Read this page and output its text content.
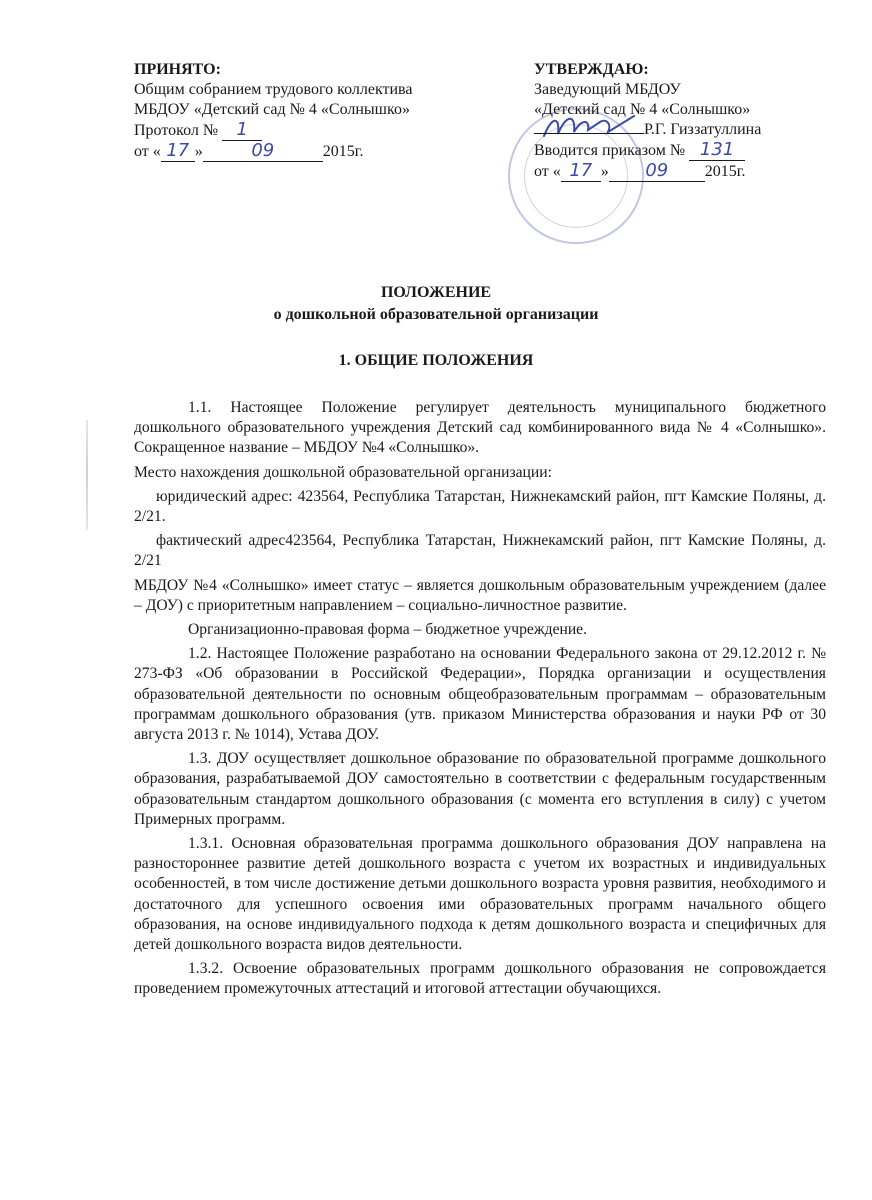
ПРИНЯТО:
Общим собранием трудового коллектива
МБДОУ «Детский сад № 4 «Солнышко»
Протокол № 1
от « 17 »	09	2015г.
УТВЕРЖДАЮ:
Заведующий МБДОУ
«Детский сад № 4 «Солнышко»
Р.Г. Гиззатуллина
Вводится приказом № 131
от « 17 » 09 2015г.
ПОЛОЖЕНИЕ
о дошкольной образовательной организации
1. ОБЩИЕ ПОЛОЖЕНИЯ

1.1. Настоящее Положение регулирует деятельность муниципального бюджетного дошкольного образовательного учреждения Детский сад комбинированного вида № 4 «Солнышко». Сокращенное название – МБДОУ №4 «Солнышко».

Место нахождения дошкольной образовательной организации:

юридический адрес: 423564, Республика Татарстан, Нижнекамский район, пгт Камские Поляны, д. 2/21.

фактический адрес423564, Республика Татарстан, Нижнекамский район, пгт Камские Поляны, д. 2/21

МБДОУ №4 «Солнышко» имеет статус – является дошкольным образовательным учреждением (далее – ДОУ) с приоритетным направлением – социально-личностное развитие.

Организационно-правовая форма – бюджетное учреждение.

1.2. Настоящее Положение разработано на основании Федерального закона от 29.12.2012 г. № 273-ФЗ «Об образовании в Российской Федерации», Порядка организации и осуществления образовательной деятельности по основным общеобразовательным программам – образовательным программам дошкольного образования (утв. приказом Министерства образования и науки РФ от 30 августа 2013 г. № 1014), Устава ДОУ.

1.3. ДОУ осуществляет дошкольное образование по образовательной программе дошкольного образования, разрабатываемой ДОУ самостоятельно в соответствии с федеральным государственным образовательным стандартом дошкольного образования (с момента его вступления в силу) с учетом Примерных программ.

1.3.1. Основная образовательная программа дошкольного образования ДОУ направлена на разностороннее развитие детей дошкольного возраста с учетом их возрастных и индивидуальных особенностей, в том числе достижение детьми дошкольного возраста уровня развития, необходимого и достаточного для успешного освоения ими образовательных программ начального общего образования, на основе индивидуального подхода к детям дошкольного возраста и специфичных для детей дошкольного возраста видов деятельности.

1.3.2. Освоение образовательных программ дошкольного образования не сопровождается проведением промежуточных аттестаций и итоговой аттестации обучающихся.
